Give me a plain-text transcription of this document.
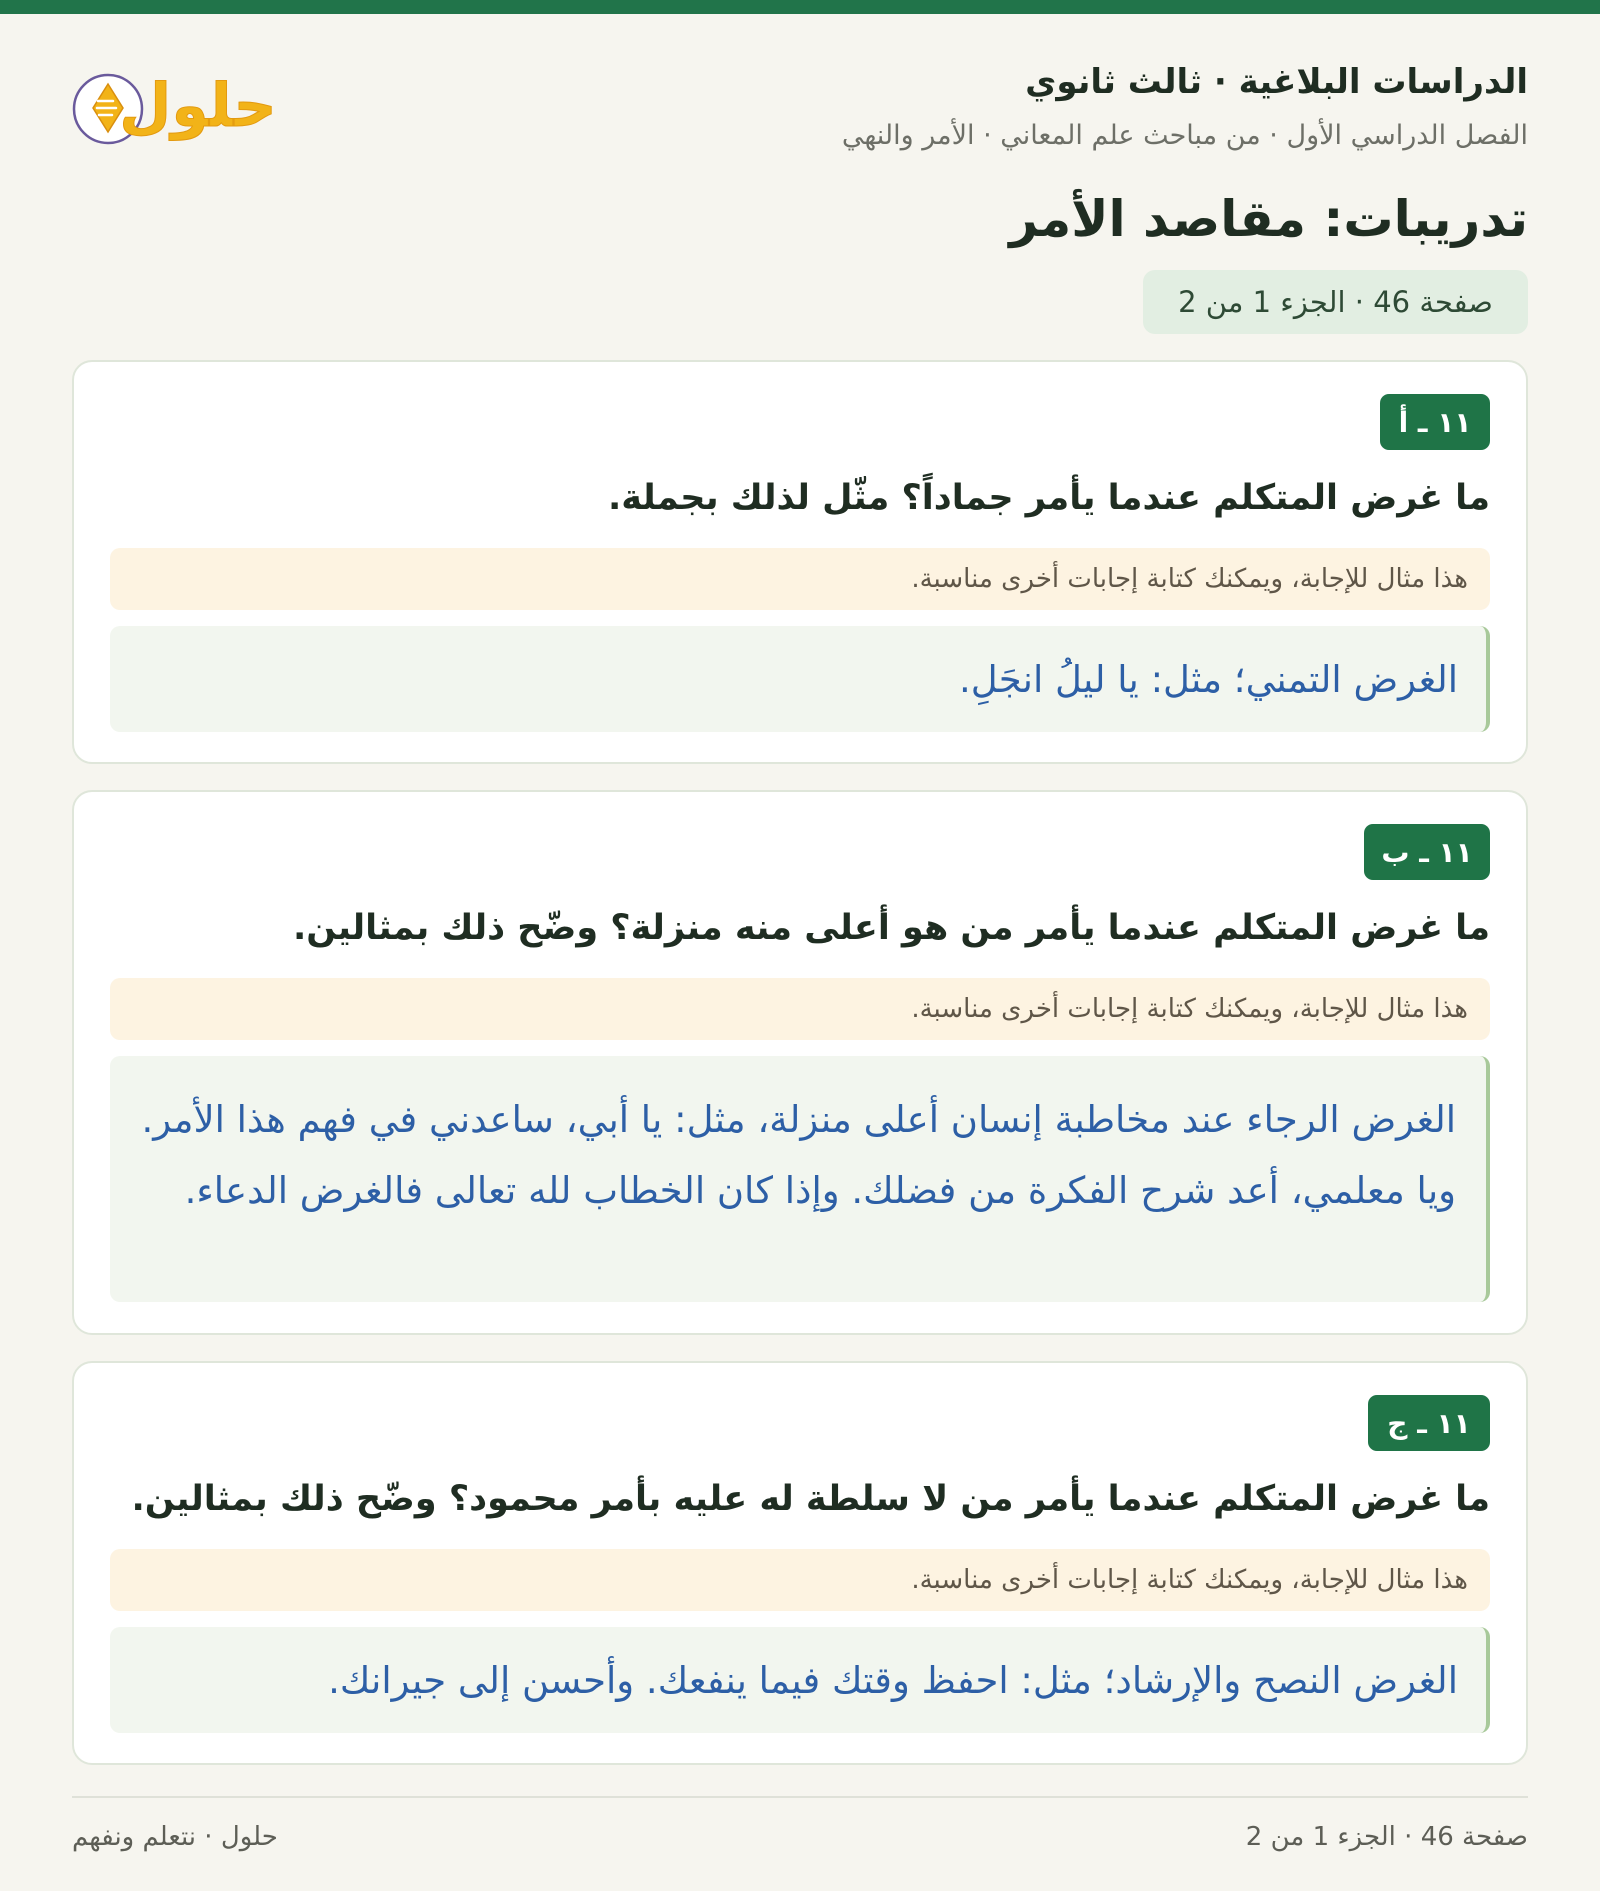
الدراسات البلاغية · ثالث ثانوي
الفصل الدراسي الأول · من مباحث علم المعاني · الأمر والنهي
حلول
تدريبات: مقاصد الأمر
صفحة 46 · الجزء 1 من 2
١١ ـ أ
ما غرض المتكلم عندما يأمر جماداً؟ مثّل لذلك بجملة.
هذا مثال للإجابة، ويمكنك كتابة إجابات أخرى مناسبة.
الغرض التمني؛ مثل: يا ليلُ انجَلِ.
١١ ـ ب
ما غرض المتكلم عندما يأمر من هو أعلى منه منزلة؟ وضّح ذلك بمثالين.
هذا مثال للإجابة، ويمكنك كتابة إجابات أخرى مناسبة.
الغرض الرجاء عند مخاطبة إنسان أعلى منزلة، مثل: يا أبي، ساعدني في فهم هذا الأمر. ويا معلمي، أعد شرح الفكرة من فضلك. وإذا كان الخطاب لله تعالى فالغرض الدعاء.
١١ ـ ج
ما غرض المتكلم عندما يأمر من لا سلطة له عليه بأمر محمود؟ وضّح ذلك بمثالين.
هذا مثال للإجابة، ويمكنك كتابة إجابات أخرى مناسبة.
الغرض النصح والإرشاد؛ مثل: احفظ وقتك فيما ينفعك. وأحسن إلى جيرانك.
صفحة 46 · الجزء 1 من 2
حلول · نتعلم ونفهم
